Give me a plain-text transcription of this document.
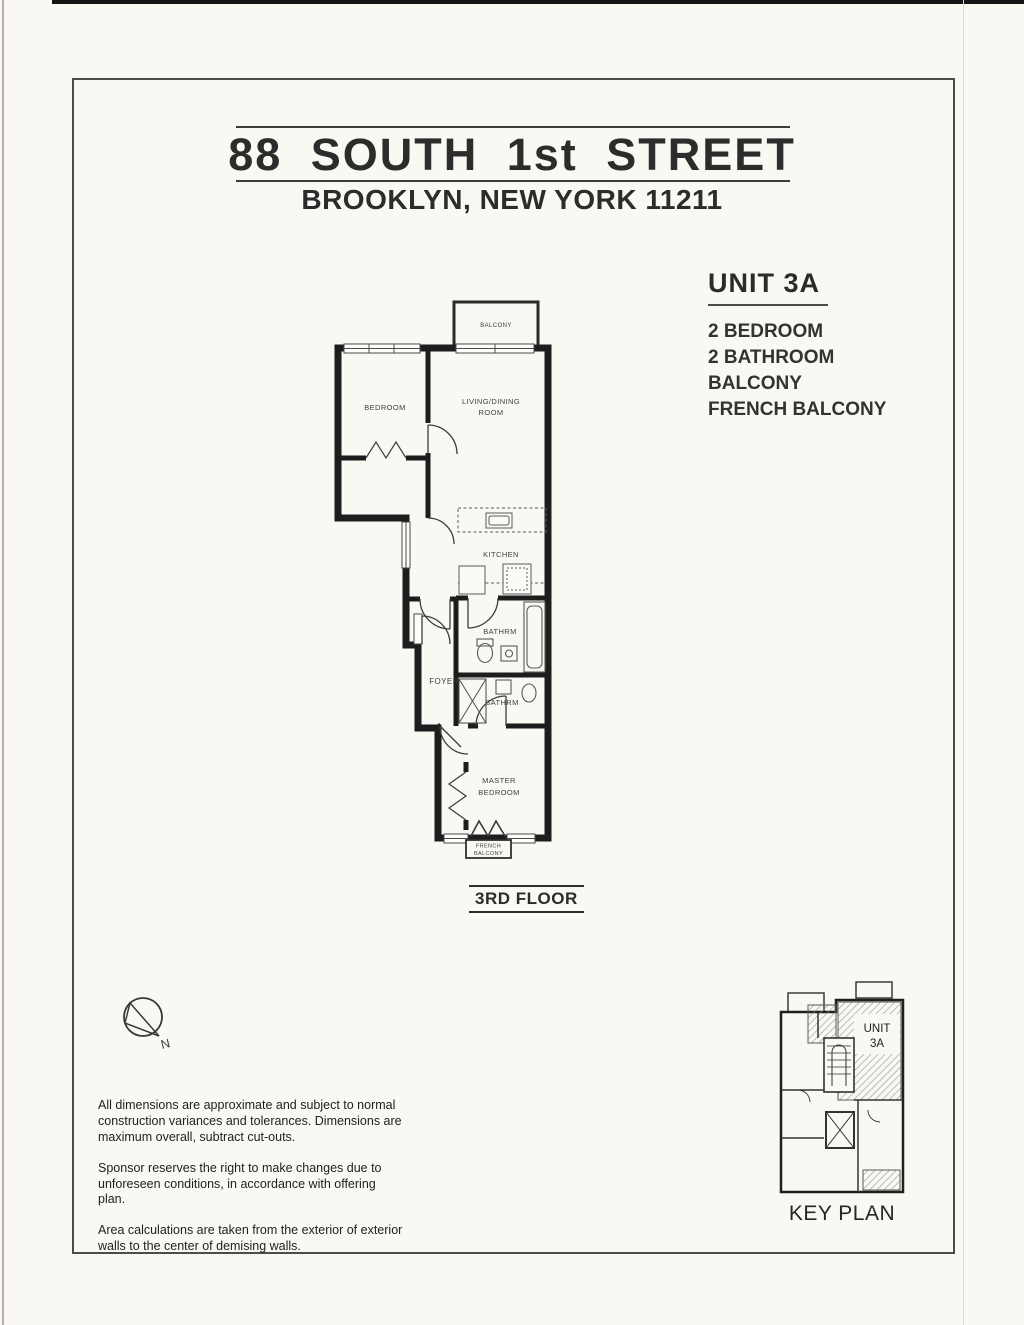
88 SOUTH 1st STREET
BROOKLYN, NEW YORK 11211
UNIT 3A
2 BEDROOM
2 BATHROOM
BALCONY
FRENCH BALCONY
BALCONY
BEDROOM
LIVING/DINING
ROOM
KITCHEN
BATHRM
FOYER
BATHRM
MASTER
BEDROOM
FRENCH
BALCONY
3RD FLOOR
N

All dimensions are approximate and subject to normal construction variances and tolerances. Dimensions are maximum overall, subtract cut-outs.

Sponsor reserves the right to make changes due to unforeseen conditions, in accordance with offering plan.

Area calculations are taken from the exterior of exterior walls to the center of demising walls.

UNIT
3A
KEY PLAN
